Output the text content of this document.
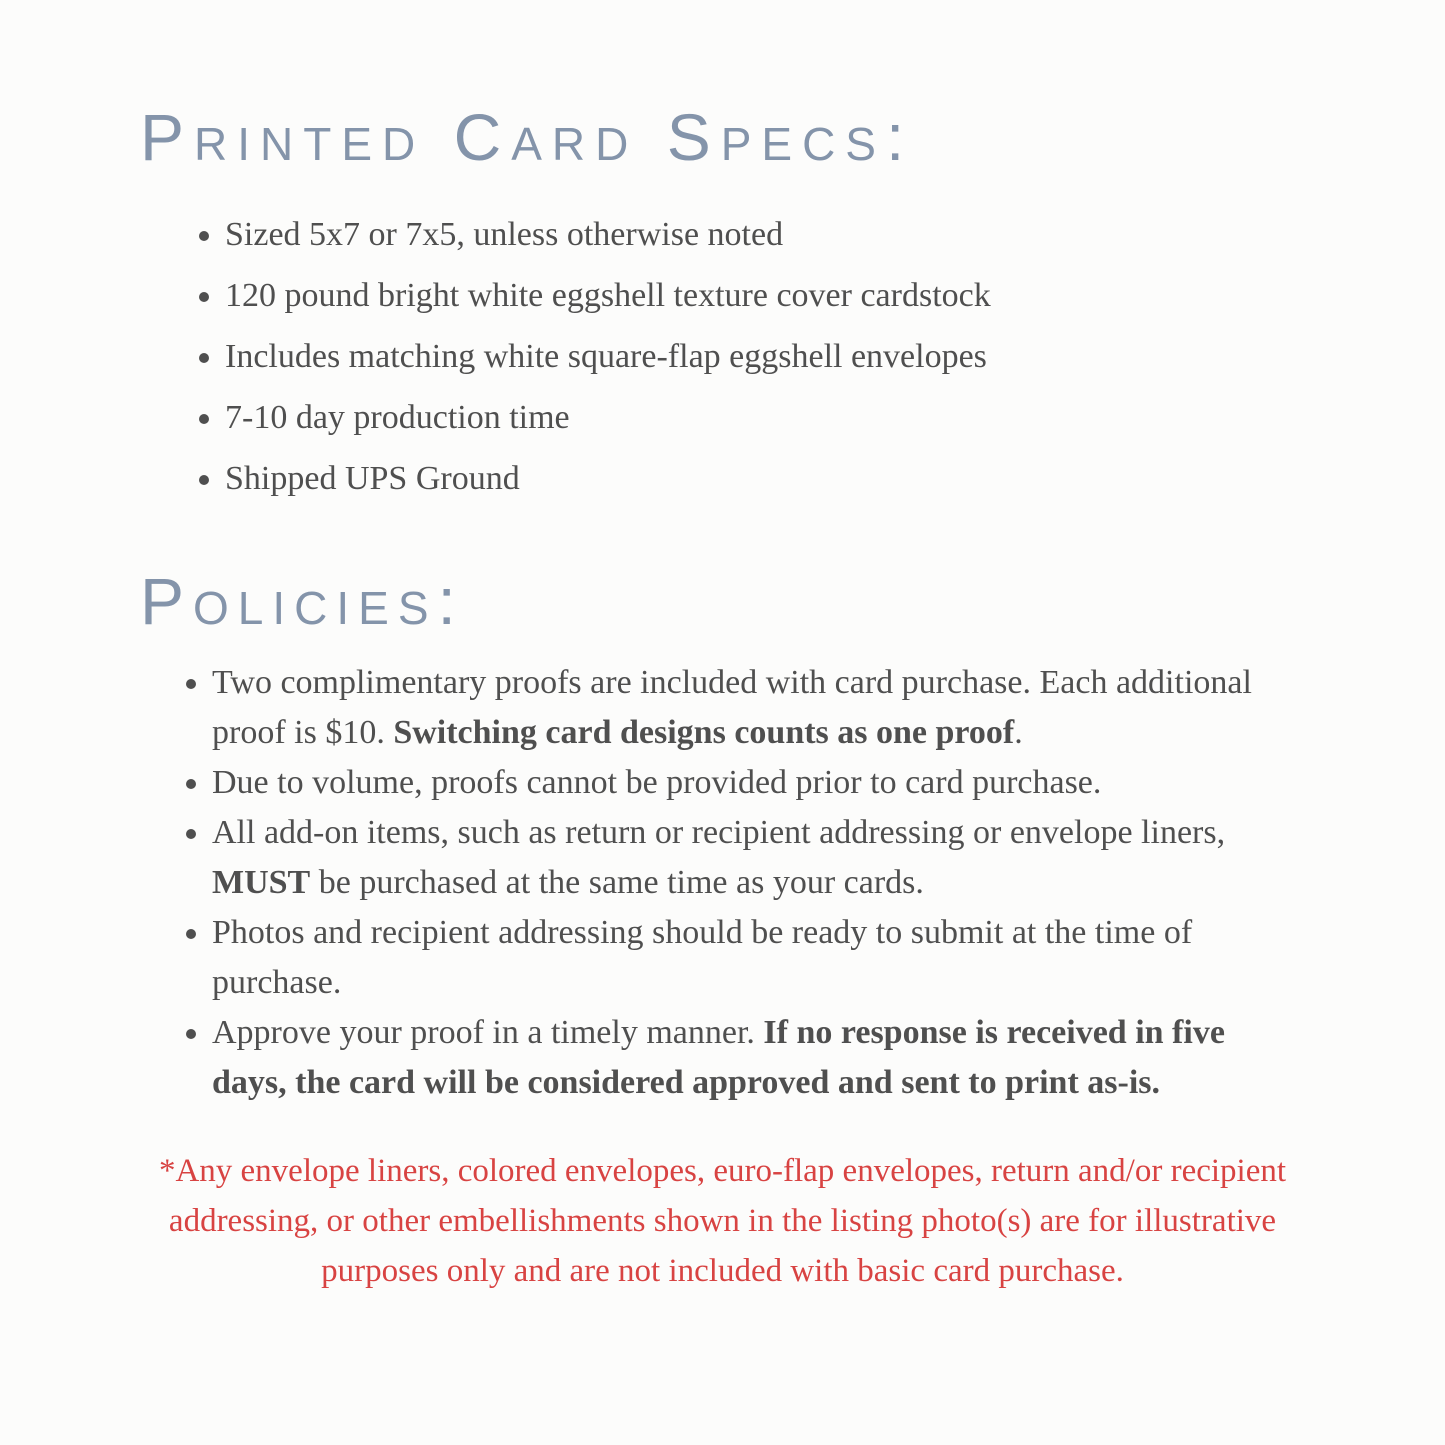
Printed Card Specs:
• Sized 5x7 or 7x5, unless otherwise noted
• 120 pound bright white eggshell texture cover cardstock
• Includes matching white square-flap eggshell envelopes
• 7-10 day production time
• Shipped UPS Ground
Policies:
• Two complimentary proofs are included with card purchase. Each additional proof is $10. Switching card designs counts as one proof.
• Due to volume, proofs cannot be provided prior to card purchase.
• All add-on items, such as return or recipient addressing or envelope liners, MUST be purchased at the same time as your cards.
• Photos and recipient addressing should be ready to submit at the time of purchase.
• Approve your proof in a timely manner. If no response is received in five days, the card will be considered approved and sent to print as-is.

*Any envelope liners, colored envelopes, euro-flap envelopes, return and/or recipient addressing, or other embellishments shown in the listing photo(s) are for illustrative purposes only and are not included with basic card purchase.
